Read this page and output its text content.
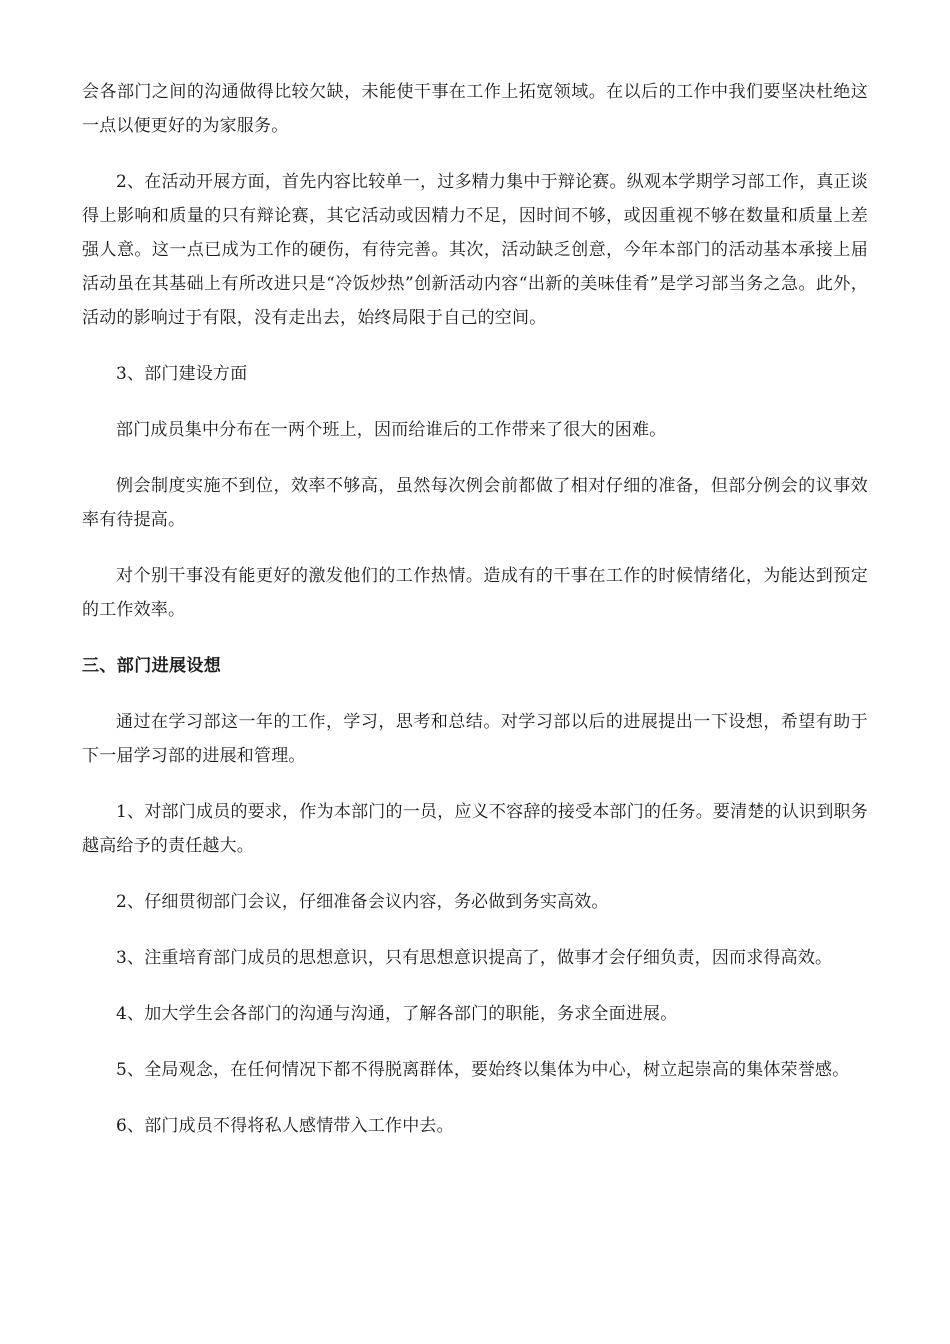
会各部门之间的沟通做得比较欠缺，未能使干事在工作上拓宽领域。在以后的工作中我们要坚决杜绝这一点以便更好的为家服务。

2、在活动开展方面，首先内容比较单一，过多精力集中于辩论赛。纵观本学期学习部工作，真正谈得上影响和质量的只有辩论赛，其它活动或因精力不足，因时间不够，或因重视不够在数量和质量上差强人意。这一点已成为工作的硬伤，有待完善。其次，活动缺乏创意，今年本部门的活动基本承接上届活动虽在其基础上有所改进只是“冷饭炒热”创新活动内容“出新的美味佳肴”是学习部当务之急。此外，活动的影响过于有限，没有走出去，始终局限于自己的空间。

3、部门建设方面

部门成员集中分布在一两个班上，因而给谁后的工作带来了很大的困难。

例会制度实施不到位，效率不够高，虽然每次例会前都做了相对仔细的准备，但部分例会的议事效率有待提高。

对个别干事没有能更好的激发他们的工作热情。造成有的干事在工作的时候情绪化，为能达到预定的工作效率。

三、部门进展设想

通过在学习部这一年的工作，学习，思考和总结。对学习部以后的进展提出一下设想，希望有助于下一届学习部的进展和管理。

1、对部门成员的要求，作为本部门的一员，应义不容辞的接受本部门的任务。要清楚的认识到职务越高给予的责任越大。

2、仔细贯彻部门会议，仔细准备会议内容，务必做到务实高效。

3、注重培育部门成员的思想意识，只有思想意识提高了，做事才会仔细负责，因而求得高效。

4、加大学生会各部门的沟通与沟通，了解各部门的职能，务求全面进展。

5、全局观念，在任何情况下都不得脱离群体，要始终以集体为中心，树立起崇高的集体荣誉感。

6、部门成员不得将私人感情带入工作中去。
